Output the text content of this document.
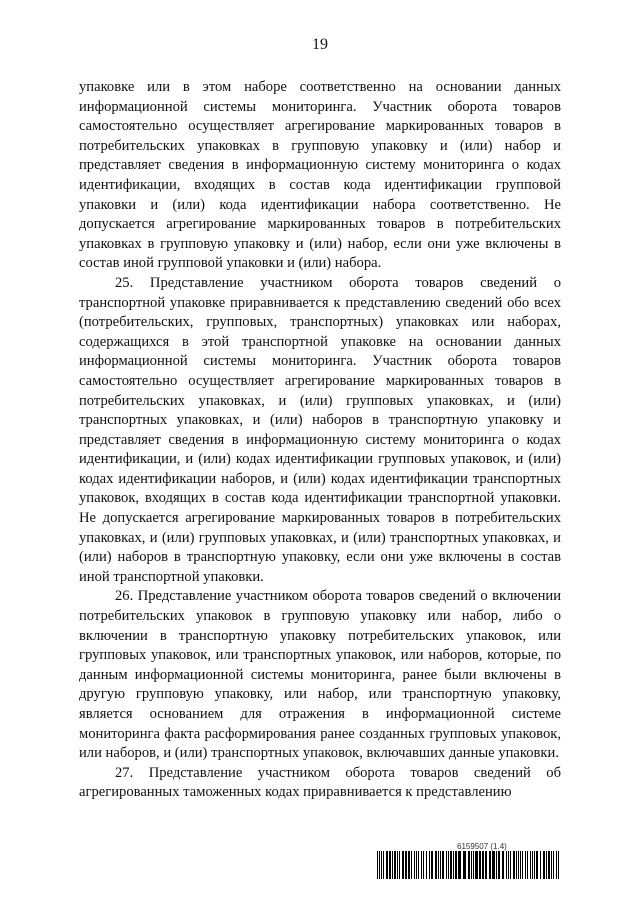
19

упаковке или в этом наборе соответственно на основании данных информационной системы мониторинга. Участник оборота товаров самостоятельно осуществляет агрегирование маркированных товаров в потребительских упаковках в групповую упаковку и (или) набор и представляет сведения в информационную систему мониторинга о кодах идентификации, входящих в состав кода идентификации групповой упаковки и (или) кода идентификации набора соответственно. Не допускается агрегирование маркированных товаров в потребительских упаковках в групповую упаковку и (или) набор, если они уже включены в состав иной групповой упаковки и (или) набора.

25. Представление участником оборота товаров сведений о транспортной упаковке приравнивается к представлению сведений обо всех (потребительских, групповых, транспортных) упаковках или наборах, содержащихся в этой транспортной упаковке на основании данных информационной системы мониторинга. Участник оборота товаров самостоятельно осуществляет агрегирование маркированных товаров в потребительских упаковках, и (или) групповых упаковках, и (или) транспортных упаковках, и (или) наборов в транспортную упаковку и представляет сведения в информационную систему мониторинга о кодах идентификации, и (или) кодах идентификации групповых упаковок, и (или) кодах идентификации наборов, и (или) кодах идентификации транспортных упаковок, входящих в состав кода идентификации транспортной упаковки. Не допускается агрегирование маркированных товаров в потребительских упаковках, и (или) групповых упаковках, и (или) транспортных упаковках, и (или) наборов в транспортную упаковку, если они уже включены в состав иной транспортной упаковки.

26. Представление участником оборота товаров сведений о включении потребительских упаковок в групповую упаковку или набор, либо о включении в транспортную упаковку потребительских упаковок, или групповых упаковок, или транспортных упаковок, или наборов, которые, по данным информационной системы мониторинга, ранее были включены в другую групповую упаковку, или набор, или транспортную упаковку, является основанием для отражения в информационной системе мониторинга факта расформирования ранее созданных групповых упаковок, или наборов, и (или) транспортных упаковок, включавших данные упаковки.

27. Представление участником оборота товаров сведений об агрегированных таможенных кодах приравнивается к представлению

6159507 (1.4)
